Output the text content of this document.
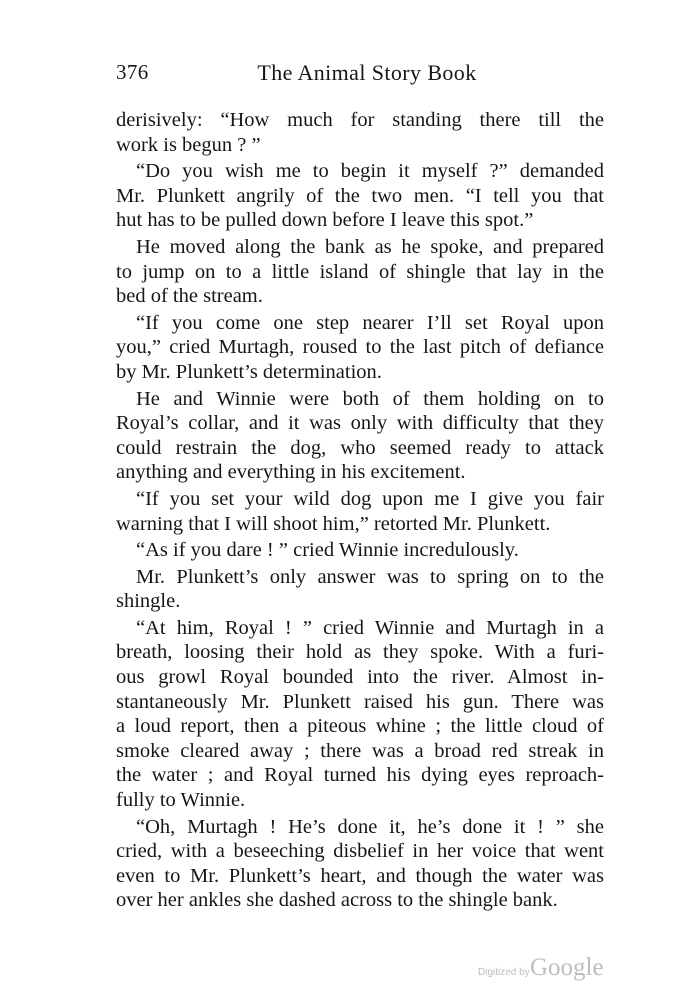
376	The Animal Story Book
derisively: “How much for standing there till the
work is begun ? ”
“Do you wish me to begin it myself ?” demanded
Mr. Plunkett angrily of the two men. “I tell you that
hut has to be pulled down before I leave this spot.”
He moved along the bank as he spoke, and prepared
to jump on to a little island of shingle that lay in the
bed of the stream.
“If you come one step nearer I’ll set Royal upon
you,” cried Murtagh, roused to the last pitch of defiance
by Mr. Plunkett’s determination.
He and Winnie were both of them holding on to
Royal’s collar, and it was only with difficulty that they
could restrain the dog, who seemed ready to attack
anything and everything in his excitement.
“If you set your wild dog upon me I give you fair
warning that I will shoot him,” retorted Mr. Plunkett.
“As if you dare ! ” cried Winnie incredulously.
Mr. Plunkett’s only answer was to spring on to the
shingle.
“At him, Royal ! ” cried Winnie and Murtagh in a
breath, loosing their hold as they spoke. With a furi-
ous growl Royal bounded into the river. Almost in-
stantaneously Mr. Plunkett raised his gun. There was
a loud report, then a piteous whine ; the little cloud of
smoke cleared away ; there was a broad red streak in
the water ; and Royal turned his dying eyes reproach-
fully to Winnie.
“Oh, Murtagh ! He’s done it, he’s done it ! ” she
cried, with a beseeching disbelief in her voice that went
even to Mr. Plunkett’s heart, and though the water was
over her ankles she dashed across to the shingle bank.
Digitized by Google
